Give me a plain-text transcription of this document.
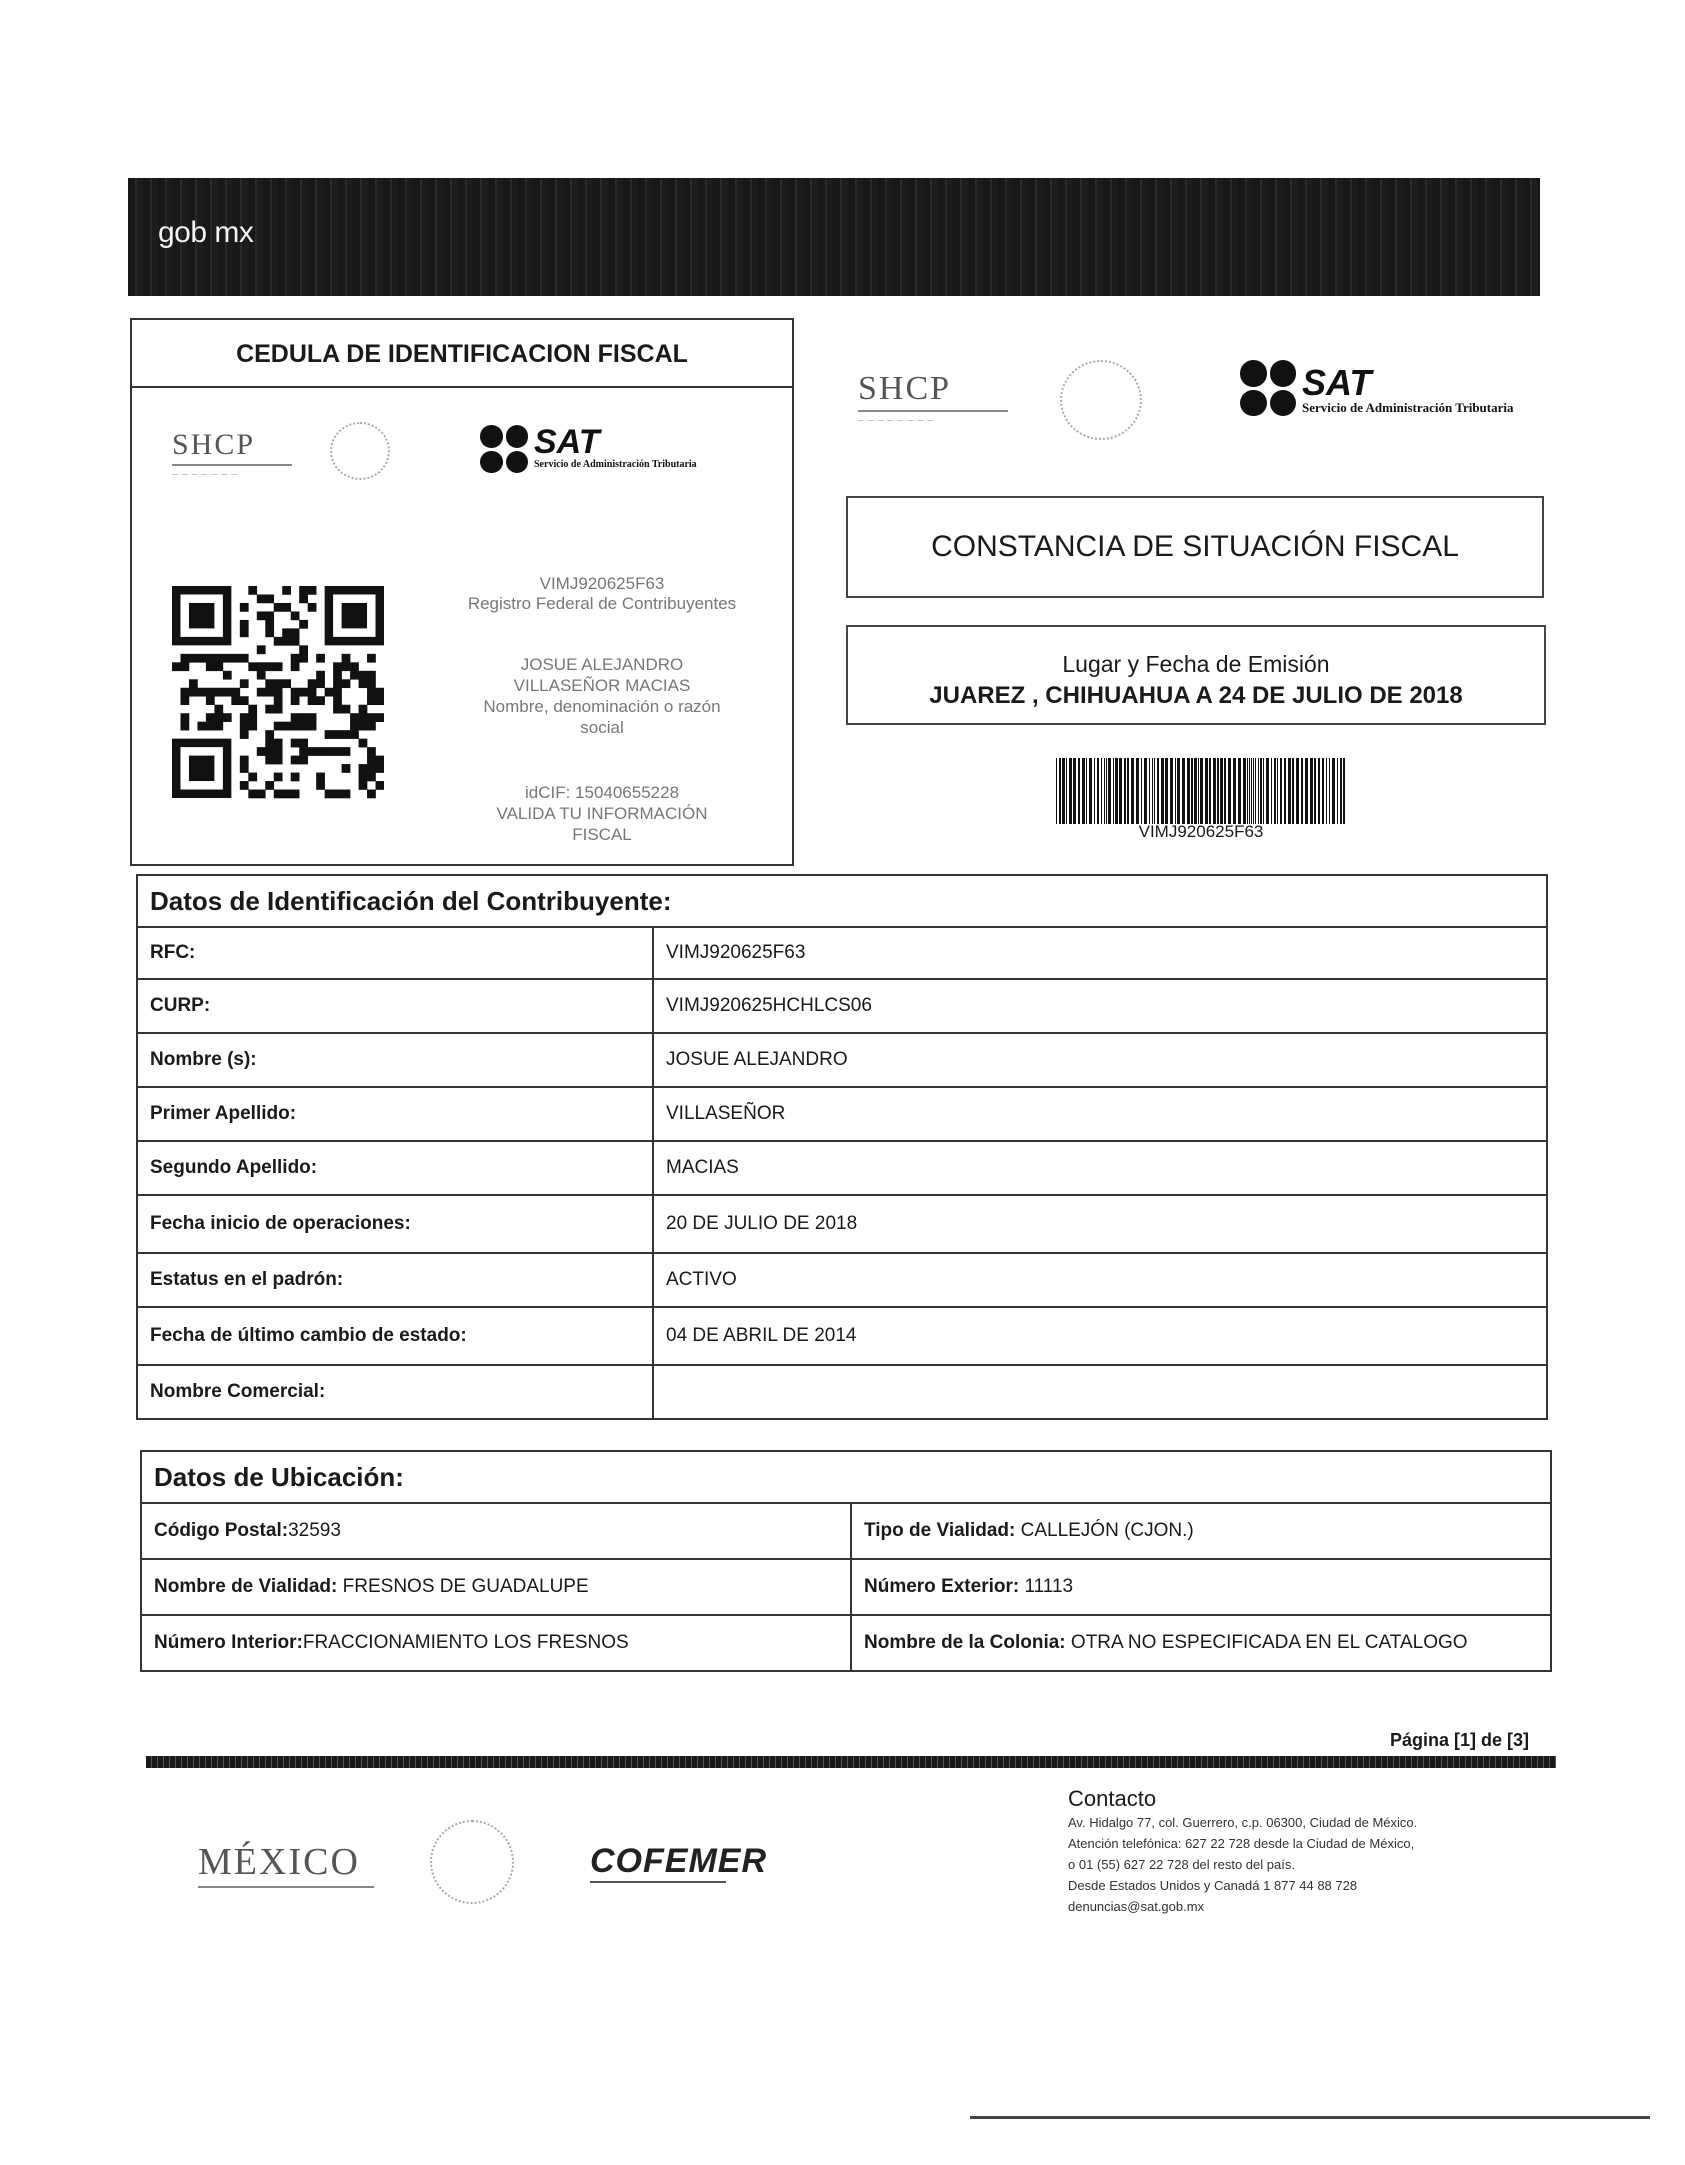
gob mx
CEDULA DE IDENTIFICACION FISCAL
SHCP
─ ─ ─ ─ ─ ─ ─
SAT
Servicio de Administración Tributaria
VIMJ920625F63
Registro Federal de Contribuyentes
JOSUE ALEJANDRO
VILLASEÑOR MACIAS
Nombre, denominación o razón
social
idCIF: 15040655228
VALIDA TU INFORMACIÓN
FISCAL
SHCP
─ ─ ─ ─ ─ ─ ─ ─
SAT
Servicio de Administración Tributaria
CONSTANCIA DE SITUACIÓN FISCAL
Lugar y Fecha de Emisión
JUAREZ , CHIHUAHUA A 24 DE JULIO DE 2018
VIMJ920625F63
Datos de Identificación del Contribuyente:	
RFC:	VIMJ920625F63
CURP:	VIMJ920625HCHLCS06
Nombre (s):	JOSUE ALEJANDRO
Primer Apellido:	VILLASEÑOR
Segundo Apellido:	MACIAS
Fecha inicio de operaciones:	20 DE JULIO DE 2018
Estatus en el padrón:	ACTIVO
Fecha de último cambio de estado:	04 DE ABRIL DE 2014
Nombre Comercial:	
Datos de Ubicación:	
Código Postal:32593	Tipo de Vialidad: CALLEJÓN (CJON.)
Nombre de Vialidad: FRESNOS DE GUADALUPE	Número Exterior: 11113
Número Interior:FRACCIONAMIENTO LOS FRESNOS	Nombre de la Colonia: OTRA NO ESPECIFICADA EN EL CATALOGO
Página [1] de [3]
MÉXICO	COFEMER
Contacto
Av. Hidalgo 77, col. Guerrero, c.p. 06300, Ciudad de México.
Atención telefónica: 627 22 728 desde la Ciudad de México,
o 01 (55) 627 22 728 del resto del país.
Desde Estados Unidos y Canadá 1 877 44 88 728
denuncias@sat.gob.mx
